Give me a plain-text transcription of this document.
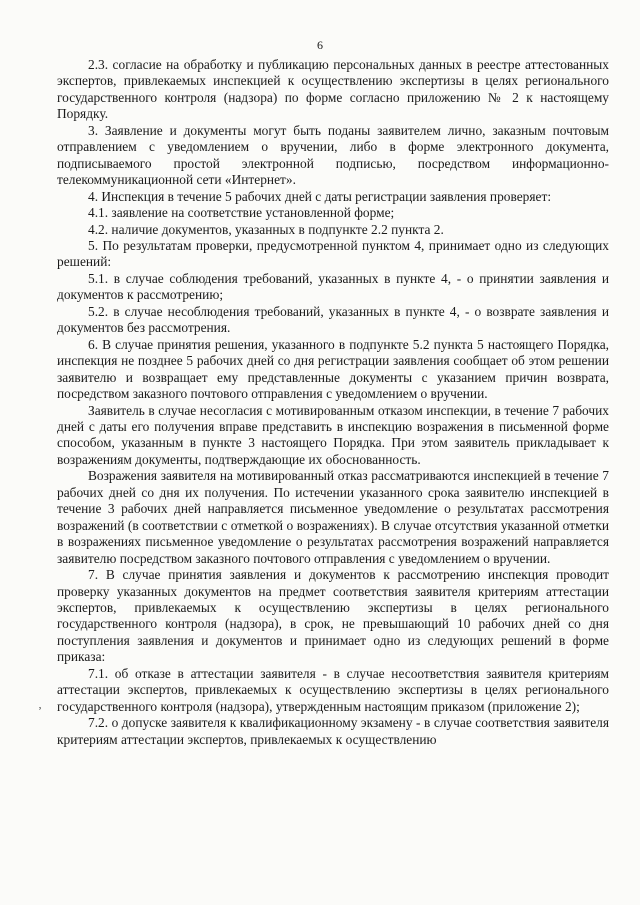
6
‚

2.3. согласие на обработку и публикацию персональных данных в реестре аттестованных экспертов, привлекаемых инспекцией к осуществлению экспертизы в целях регионального государственного контроля (надзора) по форме согласно приложению № 2 к настоящему Порядку.

3. Заявление и документы могут быть поданы заявителем лично, заказным почтовым отправлением с уведомлением о вручении, либо в форме электронного документа, подписываемого простой электронной подписью, посредством информационно-телекоммуникационной сети «Интернет».

4. Инспекция в течение 5 рабочих дней с даты регистрации заявления проверяет:

4.1. заявление на соответствие установленной форме;

4.2. наличие документов, указанных в подпункте 2.2 пункта 2.

5. По результатам проверки, предусмотренной пунктом 4, принимает одно из следующих решений:

5.1. в случае соблюдения требований, указанных в пункте 4, - о принятии заявления и документов к рассмотрению;

5.2. в случае несоблюдения требований, указанных в пункте 4, - о возврате заявления и документов без рассмотрения.

6. В случае принятия решения, указанного в подпункте 5.2 пункта 5 настоящего Порядка, инспекция не позднее 5 рабочих дней со дня регистрации заявления сообщает об этом решении заявителю и возвращает ему представленные документы с указанием причин возврата, посредством заказного почтового отправления с уведомлением о вручении.

Заявитель в случае несогласия с мотивированным отказом инспекции, в течение 7 рабочих дней с даты его получения вправе представить в инспекцию возражения в письменной форме способом, указанным в пункте 3 настоящего Порядка. При этом заявитель прикладывает к возражениям документы, подтверждающие их обоснованность.

Возражения заявителя на мотивированный отказ рассматриваются инспекцией в течение 7 рабочих дней со дня их получения. По истечении указанного срока заявителю инспекцией в течение 3 рабочих дней направляется письменное уведомление о результатах рассмотрения возражений (в соответствии с отметкой о возражениях). В случае отсутствия указанной отметки в возражениях письменное уведомление о результатах рассмотрения возражений направляется заявителю посредством заказного почтового отправления с уведомлением о вручении.

7. В случае принятия заявления и документов к рассмотрению инспекция проводит проверку указанных документов на предмет соответствия заявителя критериям аттестации экспертов, привлекаемых к осуществлению экспертизы в целях регионального государственного контроля (надзора), в срок, не превышающий 10 рабочих дней со дня поступления заявления и документов и принимает одно из следующих решений в форме приказа:

7.1. об отказе в аттестации заявителя - в случае несоответствия заявителя критериям аттестации экспертов, привлекаемых к осуществлению экспертизы в целях регионального государственного контроля (надзора), утвержденным настоящим приказом (приложение 2);

7.2. о допуске заявителя к квалификационному экзамену - в случае соответствия заявителя критериям аттестации экспертов, привлекаемых к осуществлению
